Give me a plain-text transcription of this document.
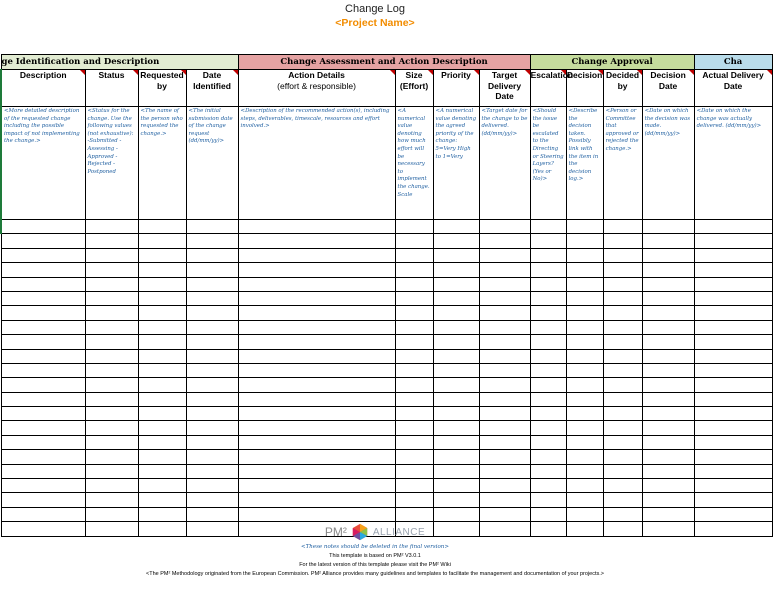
Change Log
<Project Name>
ge Identification and Description				Change Assessment and Action Description				Change Approval				Cha

Description	Status	Requested by	Date Identified	Action Details
(effort & responsible)	Size (Effort)	Priority	Target Delivery Date	Escalation	Decision	Decided by	Decision Date	Actual Delivery Date

<More detailed description of the requested change including the possible impact of not implementing the change.>	<Status for the change. Use the following values (not exhaustive): -Submitted -Assessing -Approved -Rejected -Postponed	<The name of the person who requested the change.>	<The initial submission date of the change request (dd/mm/yy)>	<Description of the recommended action(s), including steps, deliverables, timescale, resources and effort involved.>	<A numerical value denoting how much effort will be necessary to implement the change. Scale	<A numerical value denoting the agreed priority of the change: 5=Very High to 1=Very	<Target date for the change to be delivered. (dd/mm/yy)>	<Should the issue be escalated to the Directing or Steering Layers? (Yes or No)>	<Describe the decision taken. Possibly link with the item in the decision log.>	<Person or Committee that approved or rejected the change.>	<Date on which the decision was made. (dd/mm/yy)>	<Date on which the change was actually delivered. (dd/mm/yy)>

PM²	ALLIANCE
<These notes should be deleted in the final version>
This template is based on PM² V3.0.1
For the latest version of this template please visit the PM² Wiki
<The PM² Methodology originated from the European Commission. PM² Alliance provides many guidelines and templates to facilitate the management and documentation of your projects.>
